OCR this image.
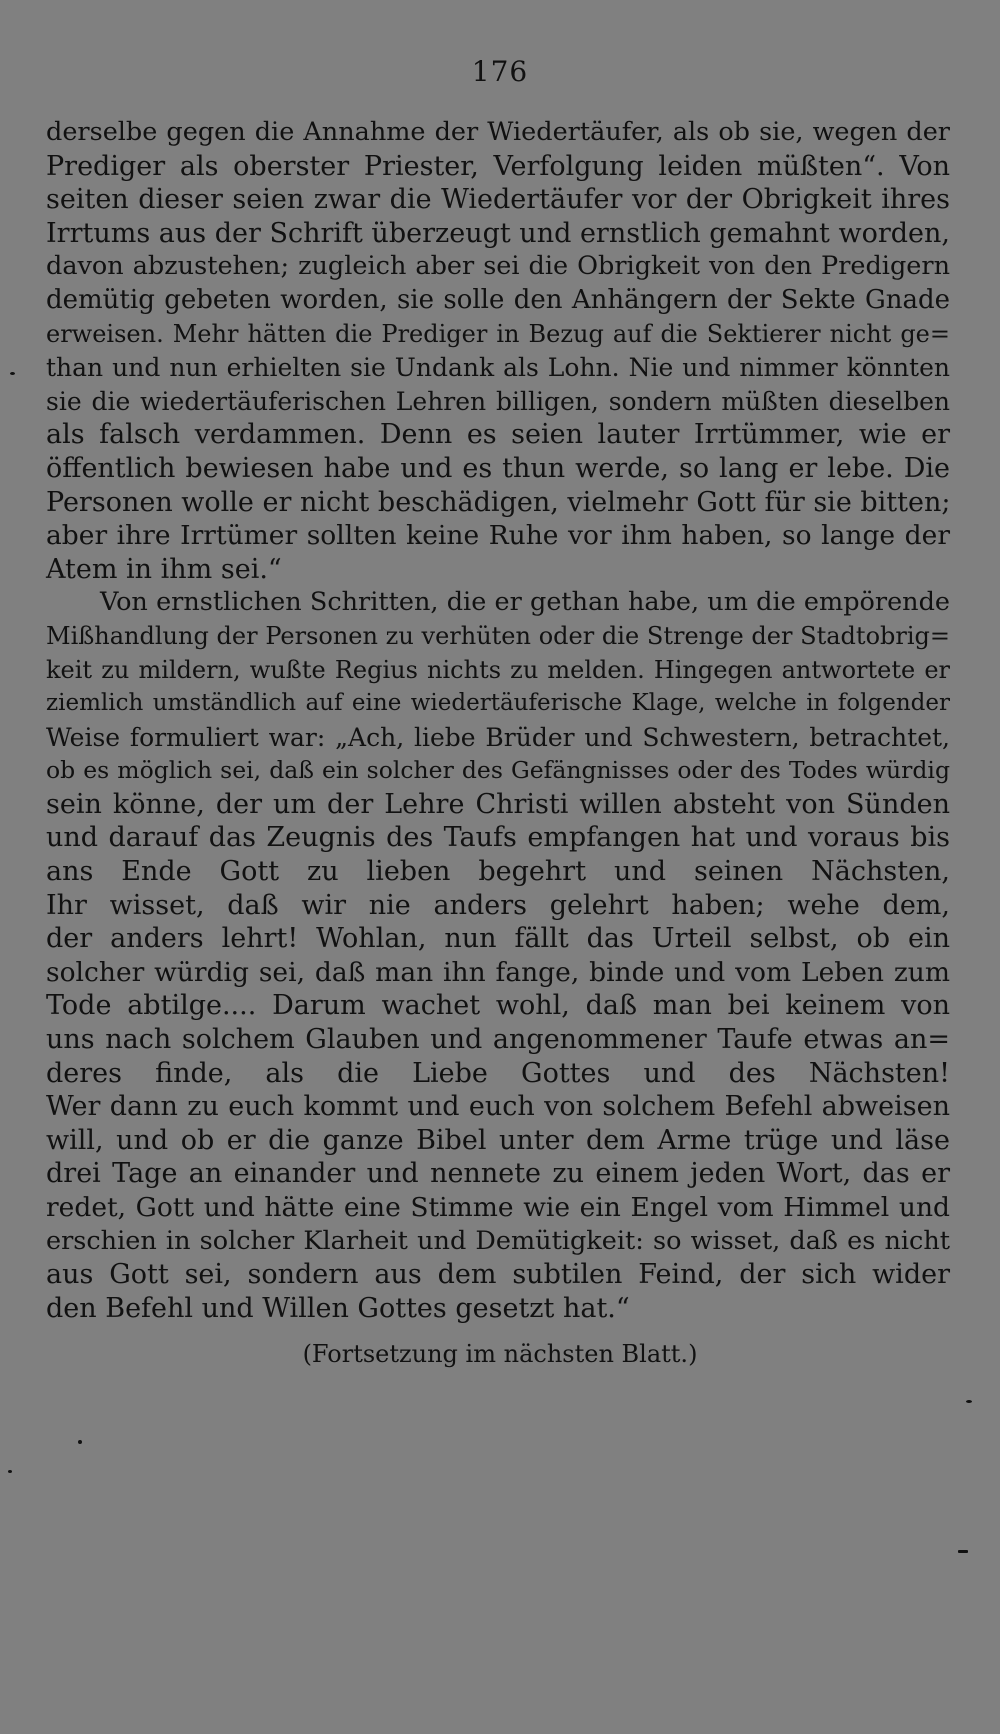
176
derselbe gegen die Annahme der Wiedertäufer, als ob sie, wegen der
Prediger als oberster Priester, Verfolgung leiden müßten“. Von
seiten dieser seien zwar die Wiedertäufer vor der Obrigkeit ihres
Irrtums aus der Schrift überzeugt und ernstlich gemahnt worden,
davon abzustehen; zugleich aber sei die Obrigkeit von den Predigern
demütig gebeten worden, sie solle den Anhängern der Sekte Gnade
erweisen. Mehr hätten die Prediger in Bezug auf die Sektierer nicht ge=
than und nun erhielten sie Undank als Lohn. Nie und nimmer könnten
sie die wiedertäuferischen Lehren billigen, sondern müßten dieselben
als falsch verdammen. Denn es seien lauter Irrtümmer, wie er
öffentlich bewiesen habe und es thun werde, so lang er lebe. Die
Personen wolle er nicht beschädigen, vielmehr Gott für sie bitten;
aber ihre Irrtümer sollten keine Ruhe vor ihm haben, so lange der
Atem in ihm sei.“
Von ernstlichen Schritten, die er gethan habe, um die empörende
Mißhandlung der Personen zu verhüten oder die Strenge der Stadtobrig=
keit zu mildern, wußte Regius nichts zu melden. Hingegen antwortete er
ziemlich umständlich auf eine wiedertäuferische Klage, welche in folgender
Weise formuliert war: „Ach, liebe Brüder und Schwestern, betrachtet,
ob es möglich sei, daß ein solcher des Gefängnisses oder des Todes würdig
sein könne, der um der Lehre Christi willen absteht von Sünden
und darauf das Zeugnis des Taufs empfangen hat und voraus bis
ans Ende Gott zu lieben begehrt und seinen Nächsten,
Ihr wisset, daß wir nie anders gelehrt haben; wehe dem,
der anders lehrt! Wohlan, nun fällt das Urteil selbst, ob ein
solcher würdig sei, daß man ihn fange, binde und vom Leben zum
Tode abtilge.... Darum wachet wohl, daß man bei keinem von
uns nach solchem Glauben und angenommener Taufe etwas an=
deres finde, als die Liebe Gottes und des Nächsten!
Wer dann zu euch kommt und euch von solchem Befehl abweisen
will, und ob er die ganze Bibel unter dem Arme trüge und läse
drei Tage an einander und nennete zu einem jeden Wort, das er
redet, Gott und hätte eine Stimme wie ein Engel vom Himmel und
erschien in solcher Klarheit und Demütigkeit: so wisset, daß es nicht
aus Gott sei, sondern aus dem subtilen Feind, der sich wider
den Befehl und Willen Gottes gesetzt hat.“
(Fortsetzung im nächsten Blatt.)
